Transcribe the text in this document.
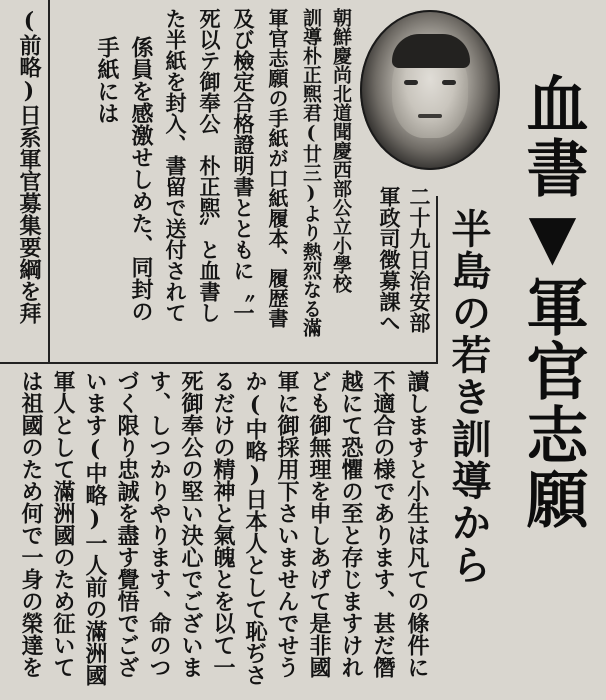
血書▼軍官志願
半島の若き訓導から
二十九日治安部
軍政司徴募課へ
朝鮮慶尚北道聞慶西部公立小學校
訓導朴正煕君(廿三)より熱烈なる滿
軍官志願の手紙が口紙履本、履歴書
及び檢定合格證明書とともに〝一
死以テ御奉公　朴正煕〟と血書し
た半紙を封入、書留で送付されて
係員を感激せしめた、同封の
手紙には
(前略)日系軍官募集要綱を拜
讀しますと小生は凡ての條件に
不適合の様であります、甚だ僭
越にて恐懼の至と存じますけれ
ども御無理を申しあげて是非國
軍に御採用下さいませんでせう
か(中略)日本人として恥ぢさ
るだけの精神と氣魄とを以て一
死御奉公の堅い決心でございま
す、しつかりやります、命のつ
づく限り忠誠を盡す覺悟でござ
います(中略)一人前の滿洲國
軍人として滿洲國のため征いて
は祖國のため何で一身の榮達を
